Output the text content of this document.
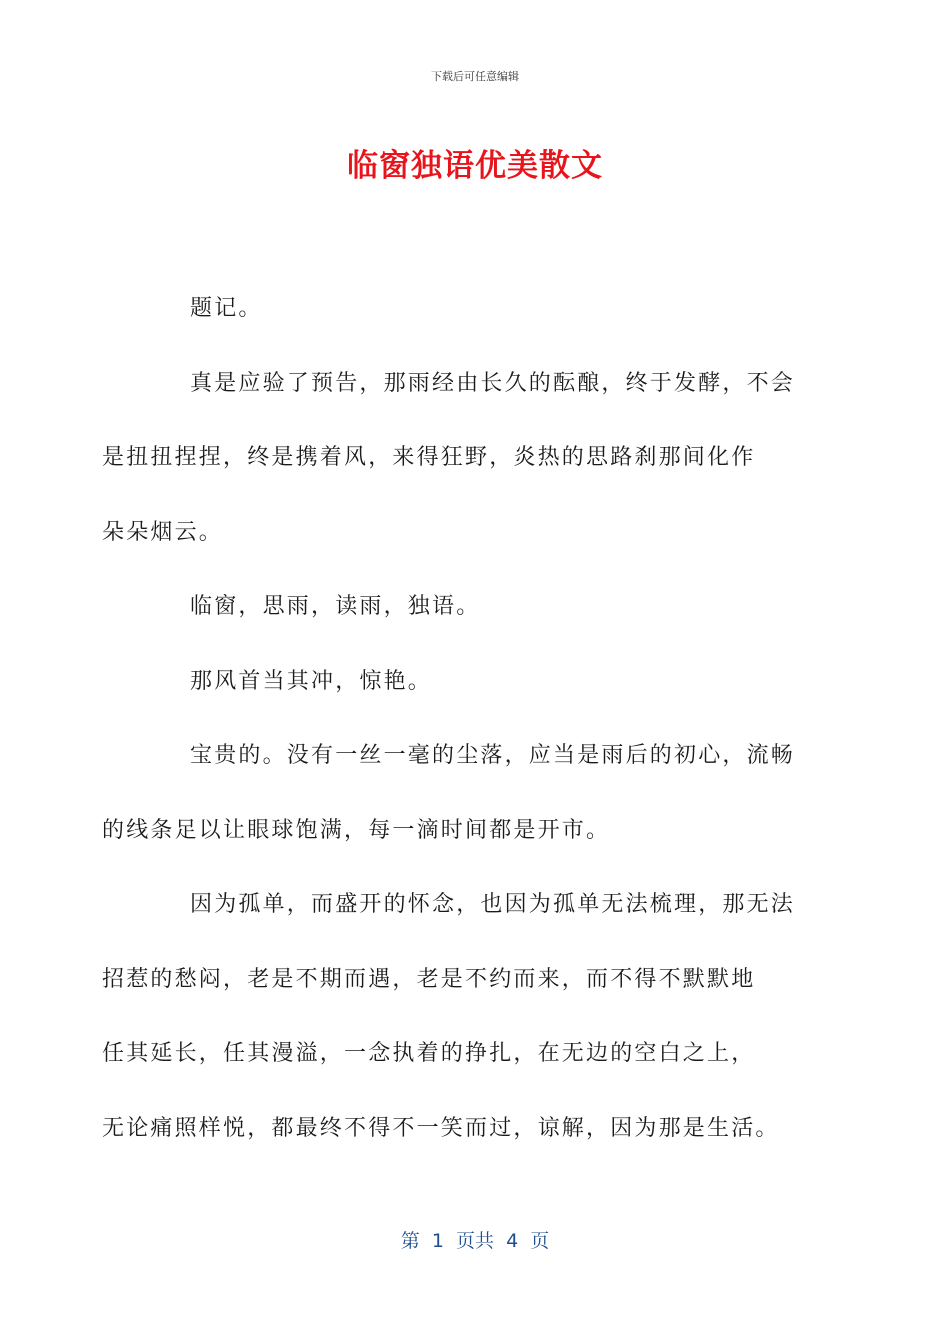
下载后可任意编辑
临窗独语优美散文

题记。

真是应验了预告，那雨经由长久的酝酿，终于发酵，不会
是扭扭捏捏，终是携着风，来得狂野，炎热的思路刹那间化作
朵朵烟云。

临窗，思雨，读雨，独语。

那风首当其冲，惊艳。

宝贵的。没有一丝一毫的尘落，应当是雨后的初心，流畅
的线条足以让眼球饱满，每一滴时间都是开市。

因为孤单，而盛开的怀念，也因为孤单无法梳理，那无法
招惹的愁闷，老是不期而遇，老是不约而来，而不得不默默地
任其延长，任其漫溢，一念执着的挣扎，在无边的空白之上，
无论痛照样悦，都最终不得不一笑而过，谅解，因为那是生活。

第  1  页共  4  页
